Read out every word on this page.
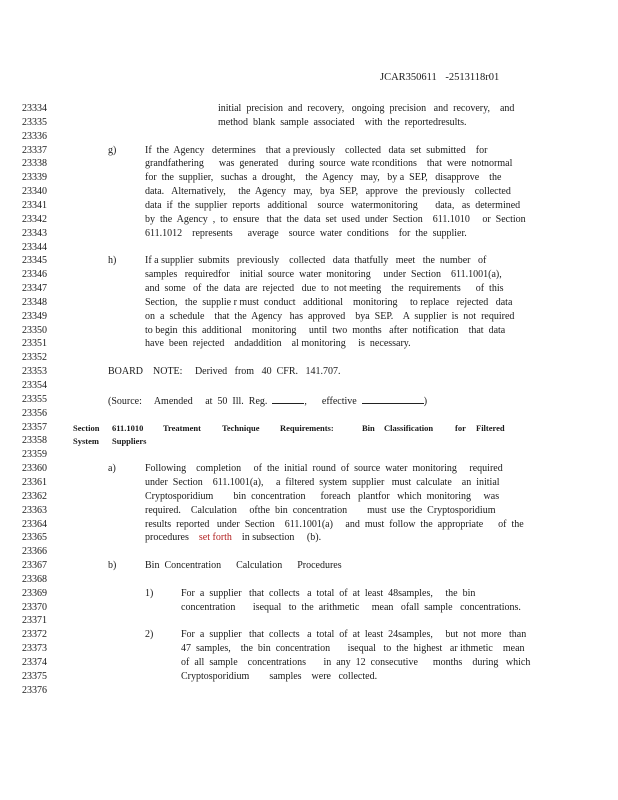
JCAR350611 -2513118r01
23334	initial  precision  and  recovery,   ongoing  precision   and  recovery,    and
23335	method  blank  sample  associated    with  the  reportedresults.
23336
23337	g)	If  the  Agency   determines    that  a previously    collected   data  set  submitted    for
23338	grandfathering      was  generated    during  source  wate rconditions    that  were  notnormal
23339	for  the  supplier,   suchas  a  drought,    the  Agency   may,   by a  SEP,   disapprove    the
23340	data.   Alternatively,     the  Agency   may,   bya  SEP,   approve   the  previously    collected
23341	data  if  the  supplier  reports   additional    source   watermonitoring       data,   as  determined
23342	by  the  Agency  ,  to  ensure   that  the  data  set  used  under  Section    611.1010     or  Section
23343	611.1012    represents      average    source  water  conditions    for  the  supplier.
23344
23345	h)	If a supplier  submits   previously    collected   data  thatfully   meet   the  number   of
23346	samples   requiredfor    initial  source  water  monitoring     under  Section    611.1001(a),
23347	and  some   of  the  data  are  rejected   due  to  not meeting    the  requirements      of  this
23348	Section,   the  supplie r must  conduct   additional    monitoring     to replace   rejected   data
23349	on  a  schedule    that  the  Agency   has  approved    bya  SEP.    A  supplier  is  not  required
23350	to begin  this  additional    monitoring     until  two  months   after  notification    that  data
23351	have  been  rejected    andaddition    al monitoring     is  necessary.
23352
23353	BOARD    NOTE:     Derived   from   40  CFR.   141.707.
23354
23355	(Source:     Amended     at  50  Ill.  Reg.	,      effective	)
23356
23357	Section 611.1010 Treatment Technique Requirements:	Bin Classification	for Filtered
23358	System Suppliers
23359
23360	a)	Following    completion     of  the  initial  round  of  source  water  monitoring     required
23361	under  Section    611.1001(a),     a  filtered  system  supplier   must  calculate    an  initial
23362	Cryptosporidium        bin  concentration      foreach   plantfor   which  monitoring     was
23363	required.    Calculation     ofthe  bin  concentration        must  use  the  Cryptosporidium
23364	results  reported   under  Section    611.1001(a)     and  must  follow  the  appropriate      of  the
23365	procedures    set forth    in subsection     (b).
23366
23367	b)	Bin  Concentration      Calculation      Procedures
23368
23369	1)	For  a  supplier   that  collects   a  total  of  at  least  48samples,     the  bin
23370	concentration       isequal   to  the  arithmetic     mean   ofall  sample   concentrations.
23371
23372	2)	For  a  supplier   that  collects   a  total  of  at  least  24samples,     but  not  more   than
23373	47  samples,    the  bin  concentration       isequal   to  the  highest   ar ithmetic    mean
23374	of  all  sample    concentrations       in  any  12  consecutive      months    during   which
23375	Cryptosporidium        samples    were   collected.
23376
